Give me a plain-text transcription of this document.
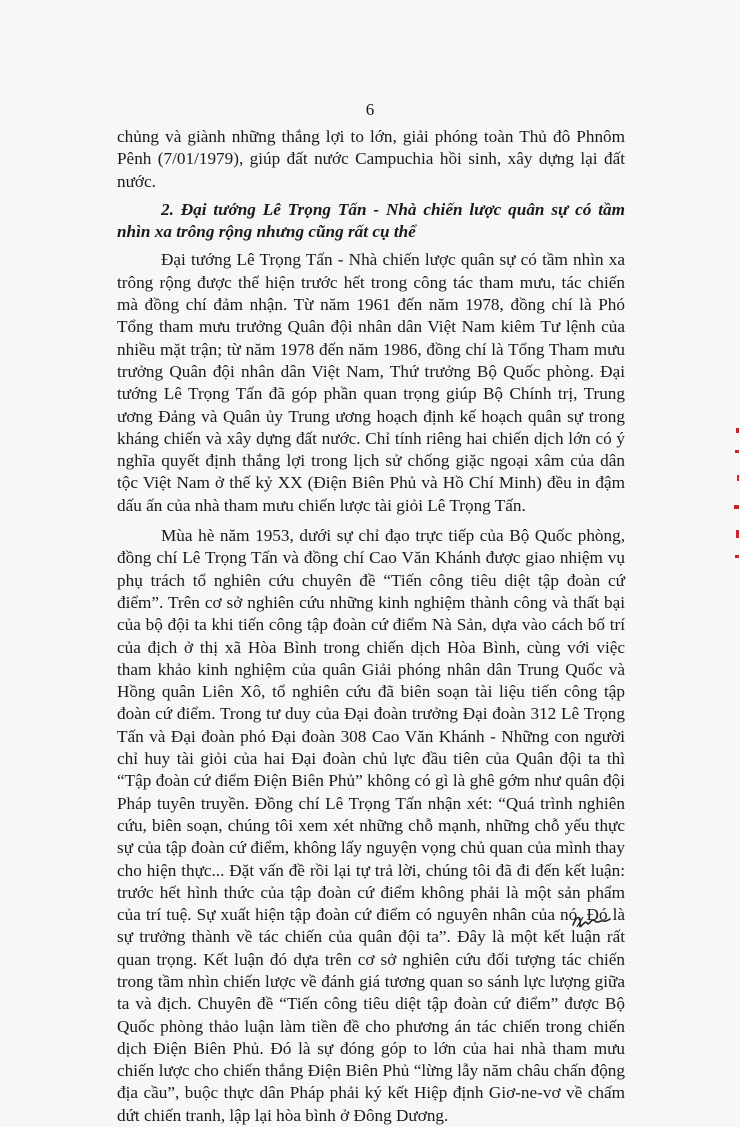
6

chủng và giành những thắng lợi to lớn, giải phóng toàn Thủ đô Phnôm Pênh (7/01/1979), giúp đất nước Campuchia hồi sinh, xây dựng lại đất nước.

2. Đại tướng Lê Trọng Tấn - Nhà chiến lược quân sự có tầm nhìn xa trông rộng nhưng cũng rất cụ thể

Đại tướng Lê Trọng Tấn - Nhà chiến lược quân sự có tầm nhìn xa trông rộng được thể hiện trước hết trong công tác tham mưu, tác chiến mà đồng chí đảm nhận. Từ năm 1961 đến năm 1978, đồng chí là Phó Tổng tham mưu trưởng Quân đội nhân dân Việt Nam kiêm Tư lệnh của nhiều mặt trận; từ năm 1978 đến năm 1986, đồng chí là Tổng Tham mưu trưởng Quân đội nhân dân Việt Nam, Thứ trưởng Bộ Quốc phòng. Đại tướng Lê Trọng Tấn đã góp phần quan trọng giúp Bộ Chính trị, Trung ương Đảng và Quân ủy Trung ương hoạch định kế hoạch quân sự trong kháng chiến và xây dựng đất nước. Chỉ tính riêng hai chiến dịch lớn có ý nghĩa quyết định thắng lợi trong lịch sử chống giặc ngoại xâm của dân tộc Việt Nam ở thế kỷ XX (Điện Biên Phủ và Hồ Chí Minh) đều in đậm dấu ấn của nhà tham mưu chiến lược tài giỏi Lê Trọng Tấn.

Mùa hè năm 1953, dưới sự chỉ đạo trực tiếp của Bộ Quốc phòng, đồng chí Lê Trọng Tấn và đồng chí Cao Văn Khánh được giao nhiệm vụ phụ trách tổ nghiên cứu chuyên đề “Tiến công tiêu diệt tập đoàn cứ điểm”. Trên cơ sở nghiên cứu những kinh nghiệm thành công và thất bại của bộ đội ta khi tiến công tập đoàn cứ điểm Nà Sản, dựa vào cách bố trí của địch ở thị xã Hòa Bình trong chiến dịch Hòa Bình, cùng với việc tham khảo kinh nghiệm của quân Giải phóng nhân dân Trung Quốc và Hồng quân Liên Xô, tổ nghiên cứu đã biên soạn tài liệu tiến công tập đoàn cứ điểm. Trong tư duy của Đại đoàn trưởng Đại đoàn 312 Lê Trọng Tấn và Đại đoàn phó Đại đoàn 308 Cao Văn Khánh - Những con người chỉ huy tài giỏi của hai Đại đoàn chủ lực đầu tiên của Quân đội ta thì “Tập đoàn cứ điểm Điện Biên Phủ” không có gì là ghê gớm như quân đội Pháp tuyên truyền. Đồng chí Lê Trọng Tấn nhận xét: “Quá trình nghiên cứu, biên soạn, chúng tôi xem xét những chỗ mạnh, những chỗ yếu thực sự của tập đoàn cứ điểm, không lấy nguyện vọng chủ quan của mình thay cho hiện thực... Đặt vấn đề rồi lại tự trả lời, chúng tôi đã đi đến kết luận: trước hết hình thức của tập đoàn cứ điểm không phải là một sản phẩm của trí tuệ. Sự xuất hiện tập đoàn cứ điểm có nguyên nhân của nó. Đó là sự trưởng thành về tác chiến của quân đội ta”. Đây là một kết luận rất quan trọng. Kết luận đó dựa trên cơ sở nghiên cứu đối tượng tác chiến trong tầm nhìn chiến lược về đánh giá tương quan so sánh lực lượng giữa ta và địch. Chuyên đề “Tiến công tiêu diệt tập đoàn cứ điểm” được Bộ Quốc phòng thảo luận làm tiền đề cho phương án tác chiến trong chiến dịch Điện Biên Phủ. Đó là sự đóng góp to lớn của hai nhà tham mưu chiến lược cho chiến thắng Điện Biên Phủ “lừng lẫy năm châu chấn động địa cầu”, buộc thực dân Pháp phải ký kết Hiệp định Giơ-ne-vơ về chấm dứt chiến tranh, lập lại hòa bình ở Đông Dương.
